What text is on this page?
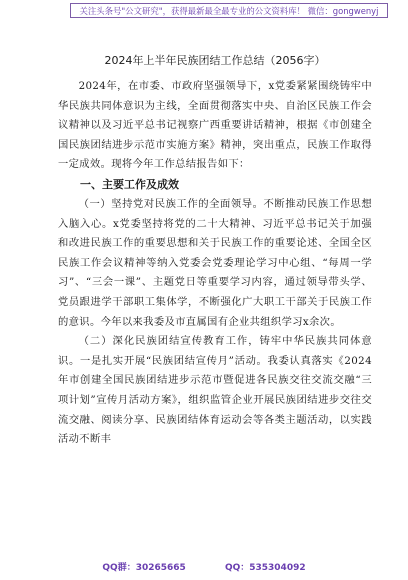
关注头条号"公文研究"，获得最新最全最专业的公文资料库！ 微信：gongwenyj
2024年上半年民族团结工作总结（2056字）

2024年，在市委、市政府坚强领导下，x党委紧紧围绕铸牢中华民族共同体意识为主线，全面贯彻落实中央、自治区民族工作会议精神以及习近平总书记视察广西重要讲话精神，根据《市创建全国民族团结进步示范市实施方案》精神，突出重点，民族工作取得一定成效。现将今年工作总结报告如下：

一、主要工作及成效

（一）坚持党对民族工作的全面领导。不断推动民族工作思想入脑入心。x党委坚持将党的二十大精神、习近平总书记关于加强和改进民族工作的重要思想和关于民族工作的重要论述、全国全区民族工作会议精神等纳入党委会党委理论学习中心组、“每周一学习”、“三会一课”、主题党日等重要学习内容，通过领导带头学、党员跟进学干部职工集体学，不断强化广大职工干部关于民族工作的意识。今年以来我委及市直属国有企业共组织学习x余次。

（二）深化民族团结宣传教育工作，铸牢中华民族共同体意识。一是扎实开展“民族团结宣传月”活动。我委认真落实《2024年市创建全国民族团结进步示范市暨促进各民族交往交流交融“三项计划”宣传月活动方案》，组织监管企业开展民族团结进步交往交流交融、阅读分享、民族团结体育运动会等各类主题活动，以实践活动不断丰

QQ群：30265665	QQ：535304092
